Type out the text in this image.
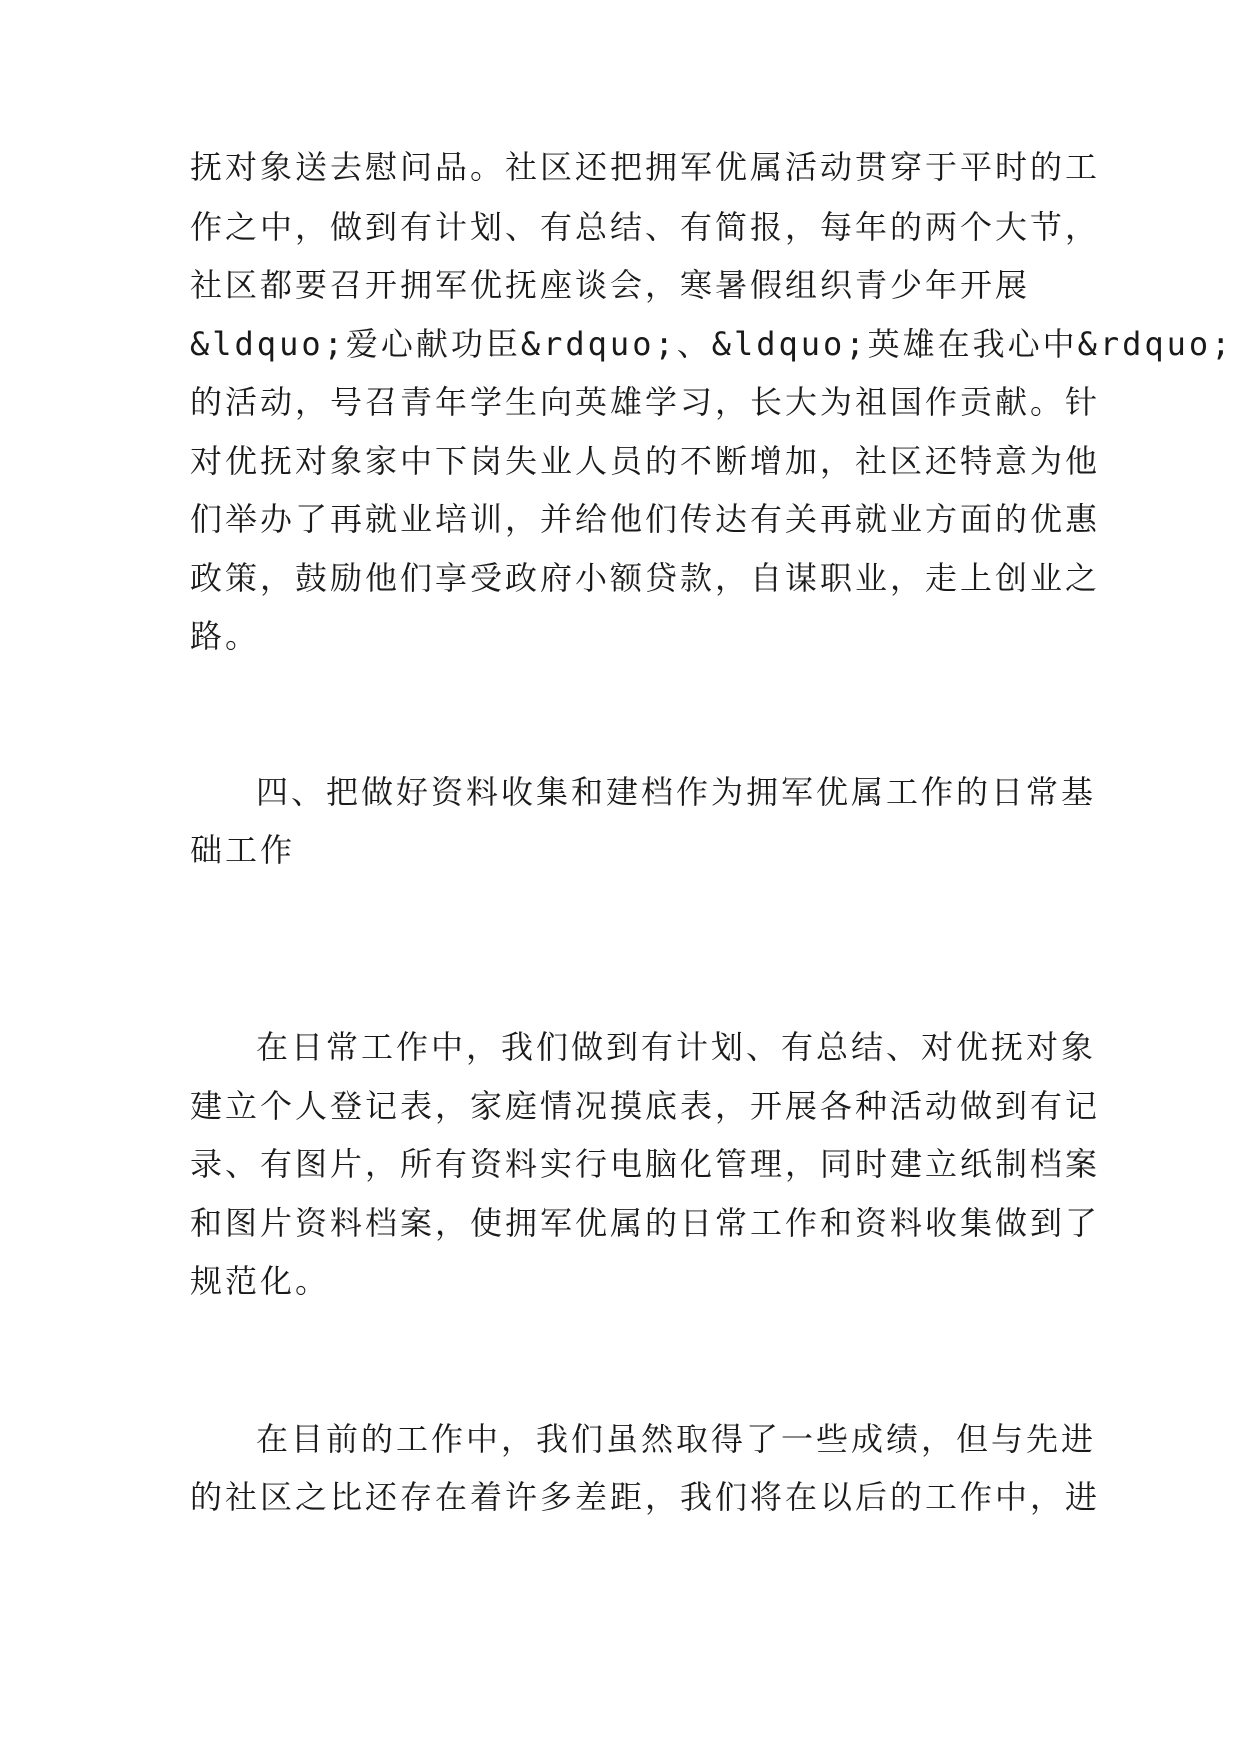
抚对象送去慰问品。社区还把拥军优属活动贯穿于平时的工
作之中，做到有计划、有总结、有简报，每年的两个大节，
社区都要召开拥军优抚座谈会，寒暑假组织青少年开展
&ldquo;爱心献功臣&rdquo;、&ldquo;英雄在我心中&rdquo;
的活动，号召青年学生向英雄学习，长大为祖国作贡献。针
对优抚对象家中下岗失业人员的不断增加，社区还特意为他
们举办了再就业培训，并给他们传达有关再就业方面的优惠
政策，鼓励他们享受政府小额贷款，自谋职业，走上创业之
路。
四、把做好资料收集和建档作为拥军优属工作的日常基
础工作
在日常工作中，我们做到有计划、有总结、对优抚对象
建立个人登记表，家庭情况摸底表，开展各种活动做到有记
录、有图片，所有资料实行电脑化管理，同时建立纸制档案
和图片资料档案，使拥军优属的日常工作和资料收集做到了
规范化。
在目前的工作中，我们虽然取得了一些成绩，但与先进
的社区之比还存在着许多差距，我们将在以后的工作中，进
